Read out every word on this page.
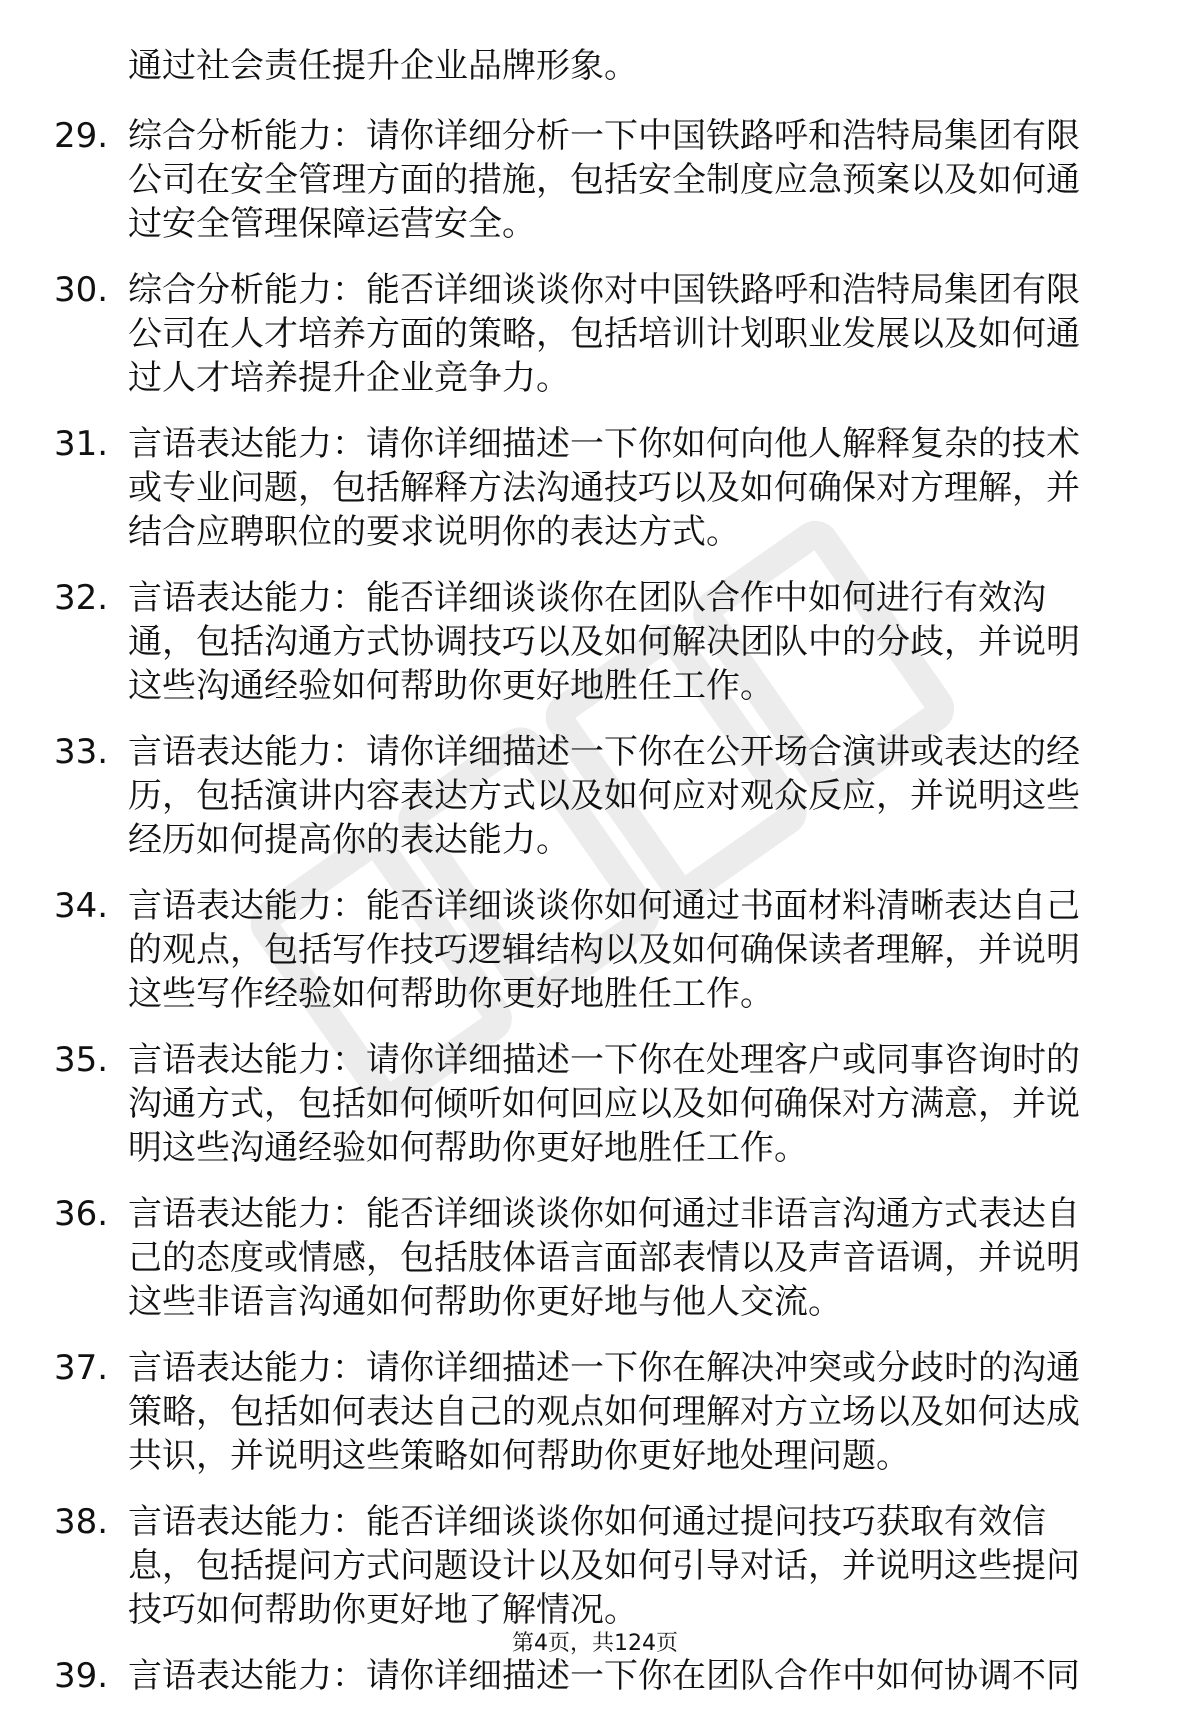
通过社会责任提升企业品牌形象。
29. 综合分析能力：请你详细分析一下中国铁路呼和浩特局集团有限公司在安全管理方面的措施，包括安全制度应急预案以及如何通过安全管理保障运营安全。
30. 综合分析能力：能否详细谈谈你对中国铁路呼和浩特局集团有限公司在人才培养方面的策略，包括培训计划职业发展以及如何通过人才培养提升企业竞争力。
31. 言语表达能力：请你详细描述一下你如何向他人解释复杂的技术或专业问题，包括解释方法沟通技巧以及如何确保对方理解，并结合应聘职位的要求说明你的表达方式。
32. 言语表达能力：能否详细谈谈你在团队合作中如何进行有效沟通，包括沟通方式协调技巧以及如何解决团队中的分歧，并说明这些沟通经验如何帮助你更好地胜任工作。
33. 言语表达能力：请你详细描述一下你在公开场合演讲或表达的经历，包括演讲内容表达方式以及如何应对观众反应，并说明这些经历如何提高你的表达能力。
34. 言语表达能力：能否详细谈谈你如何通过书面材料清晰表达自己的观点，包括写作技巧逻辑结构以及如何确保读者理解，并说明这些写作经验如何帮助你更好地胜任工作。
35. 言语表达能力：请你详细描述一下你在处理客户或同事咨询时的沟通方式，包括如何倾听如何回应以及如何确保对方满意，并说明这些沟通经验如何帮助你更好地胜任工作。
36. 言语表达能力：能否详细谈谈你如何通过非语言沟通方式表达自己的态度或情感，包括肢体语言面部表情以及声音语调，并说明这些非语言沟通如何帮助你更好地与他人交流。
37. 言语表达能力：请你详细描述一下你在解决冲突或分歧时的沟通策略，包括如何表达自己的观点如何理解对方立场以及如何达成共识，并说明这些策略如何帮助你更好地处理问题。
38. 言语表达能力：能否详细谈谈你如何通过提问技巧获取有效信息，包括提问方式问题设计以及如何引导对话，并说明这些提问技巧如何帮助你更好地了解情况。
39. 言语表达能力：请你详细描述一下你在团队合作中如何协调不同
第4页，共124页
